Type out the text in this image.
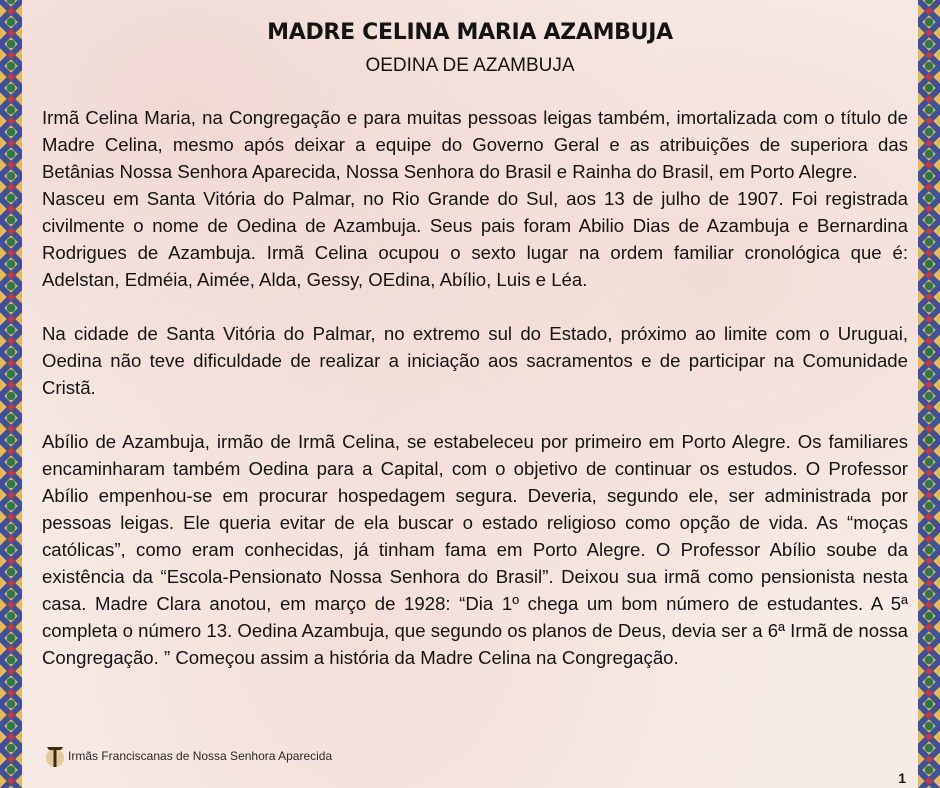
MADRE CELINA MARIA AZAMBUJA
OEDINA DE AZAMBUJA

Irmã Celina Maria, na Congregação e para muitas pessoas leigas também, imortalizada com o título de Madre Celina, mesmo após deixar a equipe do Governo Geral e as atribuições de superiora das Betânias Nossa Senhora Aparecida, Nossa Senhora do Brasil e Rainha do Brasil, em Porto Alegre.

Nasceu em Santa Vitória do Palmar, no Rio Grande do Sul, aos 13 de julho de 1907. Foi registrada civilmente o nome de Oedina de Azambuja. Seus pais foram Abilio Dias de Azambuja e Bernardina Rodrigues de Azambuja. Irmã Celina ocupou o sexto lugar na ordem familiar cronológica que é: Adelstan, Edméia, Aimée, Alda, Gessy, OEdina, Abílio, Luis e Léa.

Na cidade de Santa Vitória do Palmar, no extremo sul do Estado, próximo ao limite com o Uruguai, Oedina não teve dificuldade de realizar a iniciação aos sacramentos e de participar na Comunidade Cristã.

Abílio de Azambuja, irmão de Irmã Celina, se estabeleceu por primeiro em Porto Alegre. Os familiares encaminharam também Oedina para a Capital, com o objetivo de continuar os estudos. O Professor Abílio empenhou-se em procurar hospedagem segura. Deveria, segundo ele, ser administrada por pessoas leigas. Ele queria evitar de ela buscar o estado religioso como opção de vida. As “moças católicas”, como eram conhecidas, já tinham fama em Porto Alegre. O Professor Abílio soube da existência da “Escola-Pensionato Nossa Senhora do Brasil”. Deixou sua irmã como pensionista nesta casa. Madre Clara anotou, em março de 1928: “Dia 1º chega um bom número de estudantes. A 5ª completa o número 13. Oedina Azambuja, que segundo os planos de Deus, devia ser a 6ª Irmã de nossa Congregação. ” Começou assim a história da Madre Celina na Congregação.

Irmãs Franciscanas de Nossa Senhora Aparecida
1
